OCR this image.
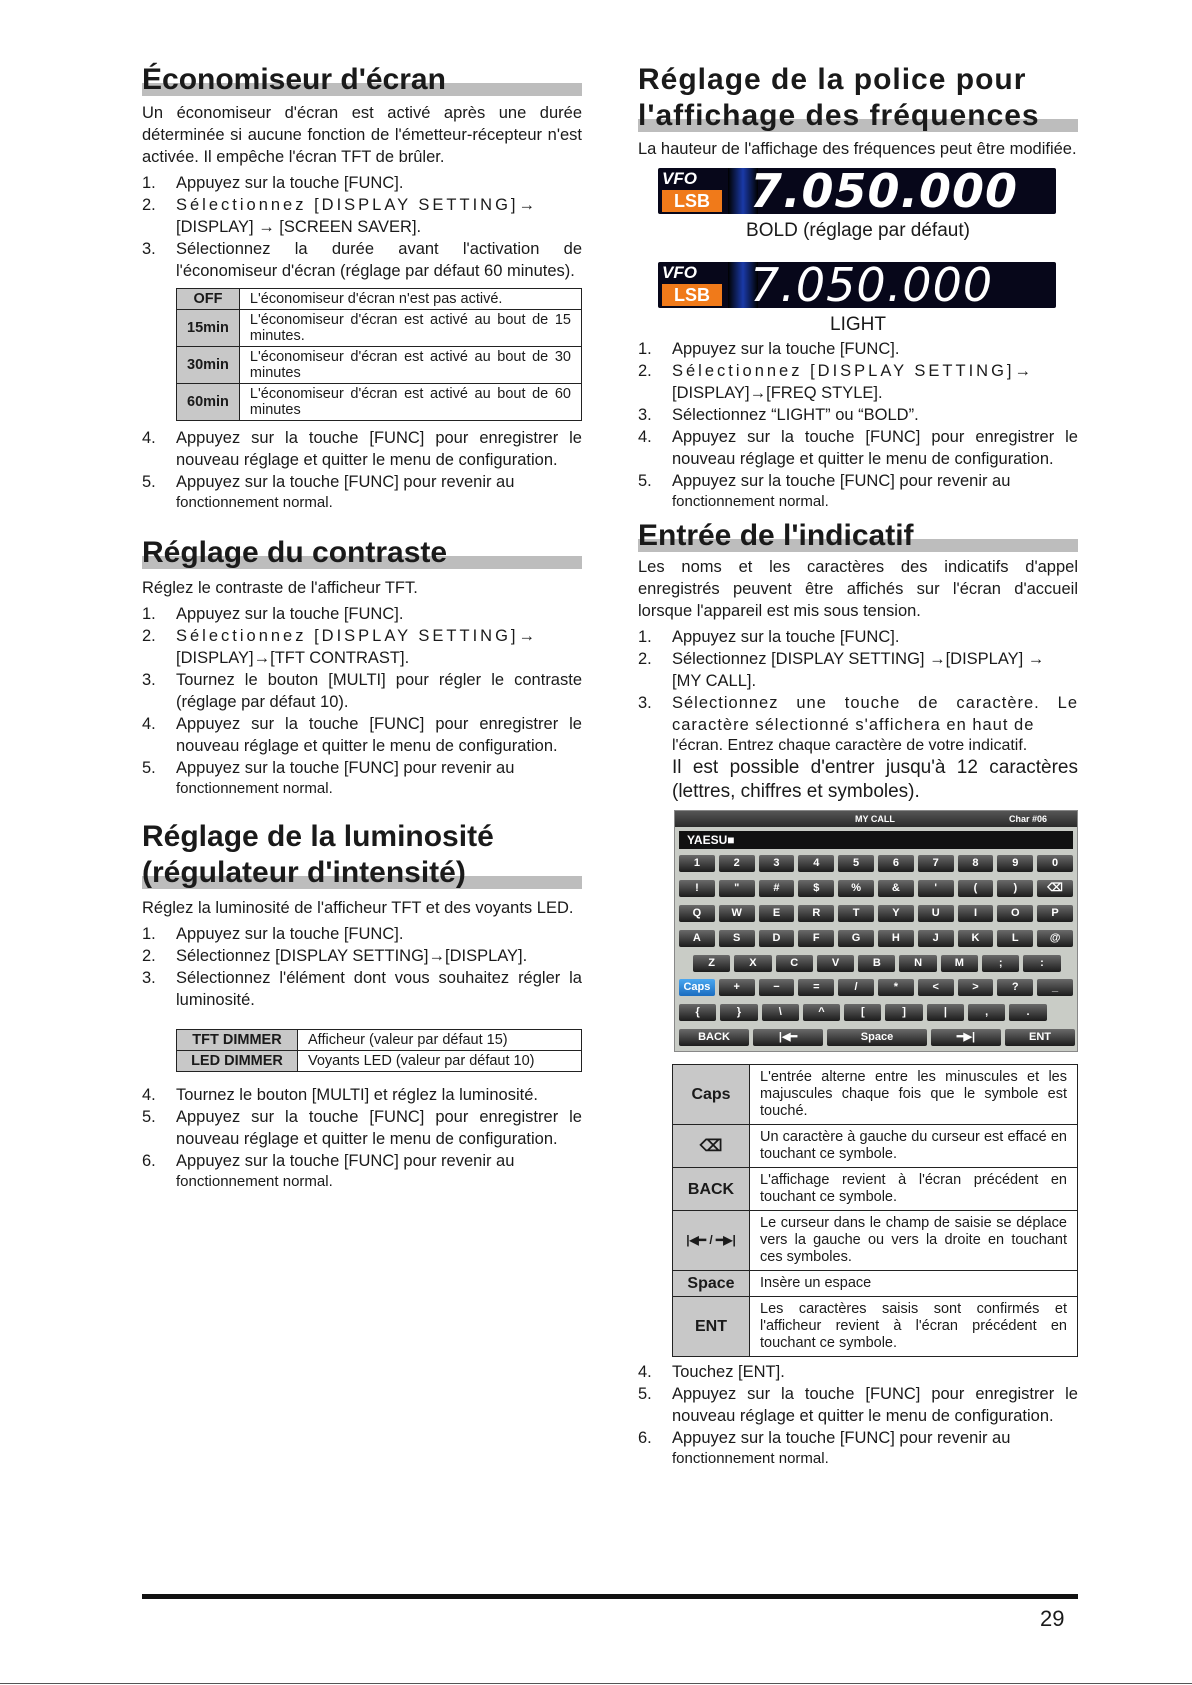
Économiseur d'écran

Un économiseur d'écran est activé après une durée déterminée si aucune fonction de l'émetteur-récepteur n'est activée. Il empêche l'écran TFT de brûler.

1. Appuyez sur la touche [FUNC].
2. Sélectionnez [DISPLAY SETTING]→
[DISPLAY] → [SCREEN SAVER].
3. Sélectionnez la durée avant l'activation de l'économiseur d'écran (réglage par défaut 60 minutes).
OFF	L'économiseur d'écran n'est pas activé.
15min	L'économiseur d'écran est activé au bout de 15 minutes.
30min	L'économiseur d'écran est activé au bout de 30 minutes
60min	L'économiseur d'écran est activé au bout de 60 minutes
4. Appuyez sur la touche [FUNC] pour enregistrer le nouveau réglage et quitter le menu de configuration.
5. Appuyez sur la touche [FUNC] pour revenir au
fonctionnement normal.
Réglage du contraste

Réglez le contraste de l'afficheur TFT.

1. Appuyez sur la touche [FUNC].
2. Sélectionnez [DISPLAY SETTING]→
[DISPLAY]→[TFT CONTRAST].
3. Tournez le bouton [MULTI] pour régler le contraste (réglage par défaut 10).
4. Appuyez sur la touche [FUNC] pour enregistrer le nouveau réglage et quitter le menu de configuration.
5. Appuyez sur la touche [FUNC] pour revenir au
fonctionnement normal.
Réglage de la luminosité
(régulateur d'intensité)

Réglez la luminosité de l'afficheur TFT et des voyants LED.

1. Appuyez sur la touche [FUNC].
2. Sélectionnez [DISPLAY SETTING]→[DISPLAY].
3. Sélectionnez l'élément dont vous souhaitez régler la luminosité.
TFT DIMMER	Afficheur (valeur par défaut 15)
LED DIMMER	Voyants LED (valeur par défaut 10)
4. Tournez le bouton [MULTI] et réglez la luminosité.
5. Appuyez sur la touche [FUNC] pour enregistrer le nouveau réglage et quitter le menu de configuration.
6. Appuyez sur la touche [FUNC] pour revenir au
fonctionnement normal.
Réglage de la police pour
l'affichage des fréquences

La hauteur de l'affichage des fréquences peut être modifiée.

VFO
LSB 7.050.000
BOLD (réglage par défaut)
VFO
LSB 7.050.000
LIGHT
1. Appuyez sur la touche [FUNC].
2. Sélectionnez [DISPLAY SETTING]→
[DISPLAY]→[FREQ STYLE].
3. Sélectionnez “LIGHT” ou “BOLD”.
4. Appuyez sur la touche [FUNC] pour enregistrer le nouveau réglage et quitter le menu de configuration.
5. Appuyez sur la touche [FUNC] pour revenir au
fonctionnement normal.
Entrée de l'indicatif

Les noms et les caractères des indicatifs d'appel enregistrés peuvent être affichés sur l'écran d'accueil lorsque l'appareil est mis sous tension.

1. Appuyez sur la touche [FUNC].
2. Sélectionnez [DISPLAY SETTING] →[DISPLAY] →
[MY CALL].
3. Sélectionnez une touche de caractère. Le caractère sélectionné s'affichera en haut de
l'écran. Entrez chaque caractère de votre indicatif.
Il est possible d'entrer jusqu'à 12 caractères (lettres, chiffres et symboles).
MY CALL	Char #06
YAESU■
1	2	3	4	5	6	7	8	9	0
!	"	#	$	%	&	'	(	)	⌫
Q	W	E	R	T	Y	U	I	O	P
A	S	D	F	G	H	J	K	L	@
Z	X	C	V	B	N	M	;	:
Caps	+	−	=	/	*	<	>	?	_
{	}	\	^	[	]	|	,	.
BACK	|◀━	Space	━▶|	ENT
Caps	L'entrée alterne entre les minuscules et les majuscules chaque fois que le symbole est touché.
⌫	Un caractère à gauche du curseur est effacé en touchant ce symbole.
BACK	L'affichage revient à l'écran précédent en touchant ce symbole.
|◀━ / ━▶|	Le curseur dans le champ de saisie se déplace vers la gauche ou vers la droite en touchant ces symboles.
Space	Insère un espace
ENT	Les caractères saisis sont confirmés et l'afficheur revient à l'écran précédent en touchant ce symbole.
4. Touchez [ENT].
5. Appuyez sur la touche [FUNC] pour enregistrer le nouveau réglage et quitter le menu de configuration.
6. Appuyez sur la touche [FUNC] pour revenir au
fonctionnement normal.
29
